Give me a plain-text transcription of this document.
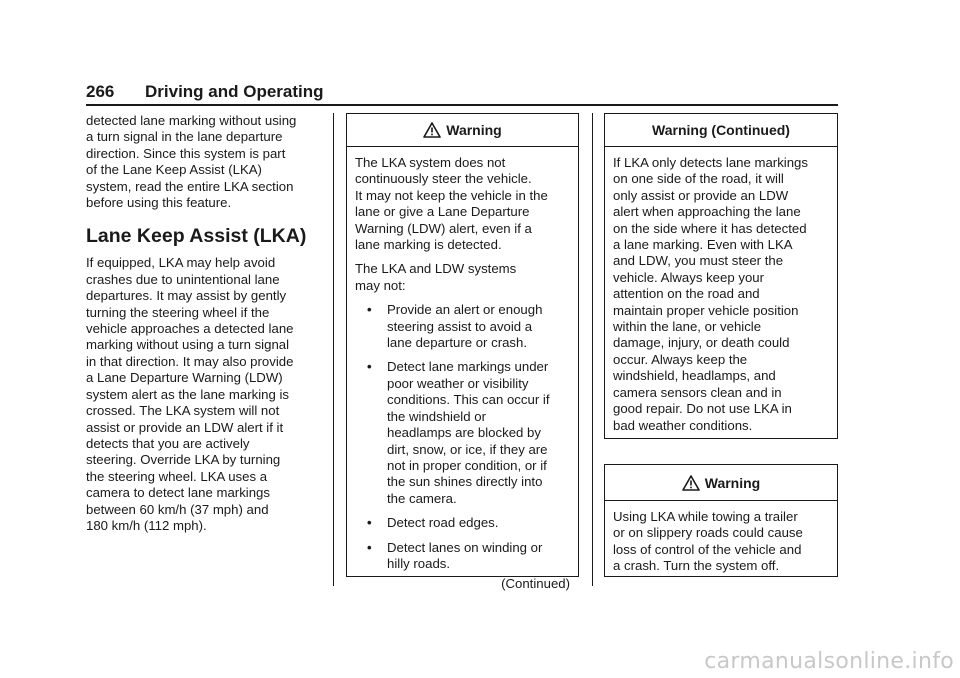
266 Driving and Operating
detected lane marking without using
a turn signal in the lane departure
direction. Since this system is part
of the Lane Keep Assist (LKA)
system, read the entire LKA section
before using this feature.
Lane Keep Assist (LKA)
If equipped, LKA may help avoid
crashes due to unintentional lane
departures. It may assist by gently
turning the steering wheel if the
vehicle approaches a detected lane
marking without using a turn signal
in that direction. It may also provide
a Lane Departure Warning (LDW)
system alert as the lane marking is
crossed. The LKA system will not
assist or provide an LDW alert if it
detects that you are actively
steering. Override LKA by turning
the steering wheel. LKA uses a
camera to detect lane markings
between 60 km/h (37 mph) and
180 km/h (112 mph).
Warning
The LKA system does not
continuously steer the vehicle.
It may not keep the vehicle in the
lane or give a Lane Departure
Warning (LDW) alert, even if a
lane marking is detected.
The LKA and LDW systems
may not:
• Provide an alert or enough
steering assist to avoid a
lane departure or crash.
• Detect lane markings under
poor weather or visibility
conditions. This can occur if
the windshield or
headlamps are blocked by
dirt, snow, or ice, if they are
not in proper condition, or if
the sun shines directly into
the camera.
• Detect road edges.
• Detect lanes on winding or
hilly roads.
(Continued)
Warning (Continued)
If LKA only detects lane markings
on one side of the road, it will
only assist or provide an LDW
alert when approaching the lane
on the side where it has detected
a lane marking. Even with LKA
and LDW, you must steer the
vehicle. Always keep your
attention on the road and
maintain proper vehicle position
within the lane, or vehicle
damage, injury, or death could
occur. Always keep the
windshield, headlamps, and
camera sensors clean and in
good repair. Do not use LKA in
bad weather conditions.
Warning
Using LKA while towing a trailer
or on slippery roads could cause
loss of control of the vehicle and
a crash. Turn the system off.
carmanualsonline.info
